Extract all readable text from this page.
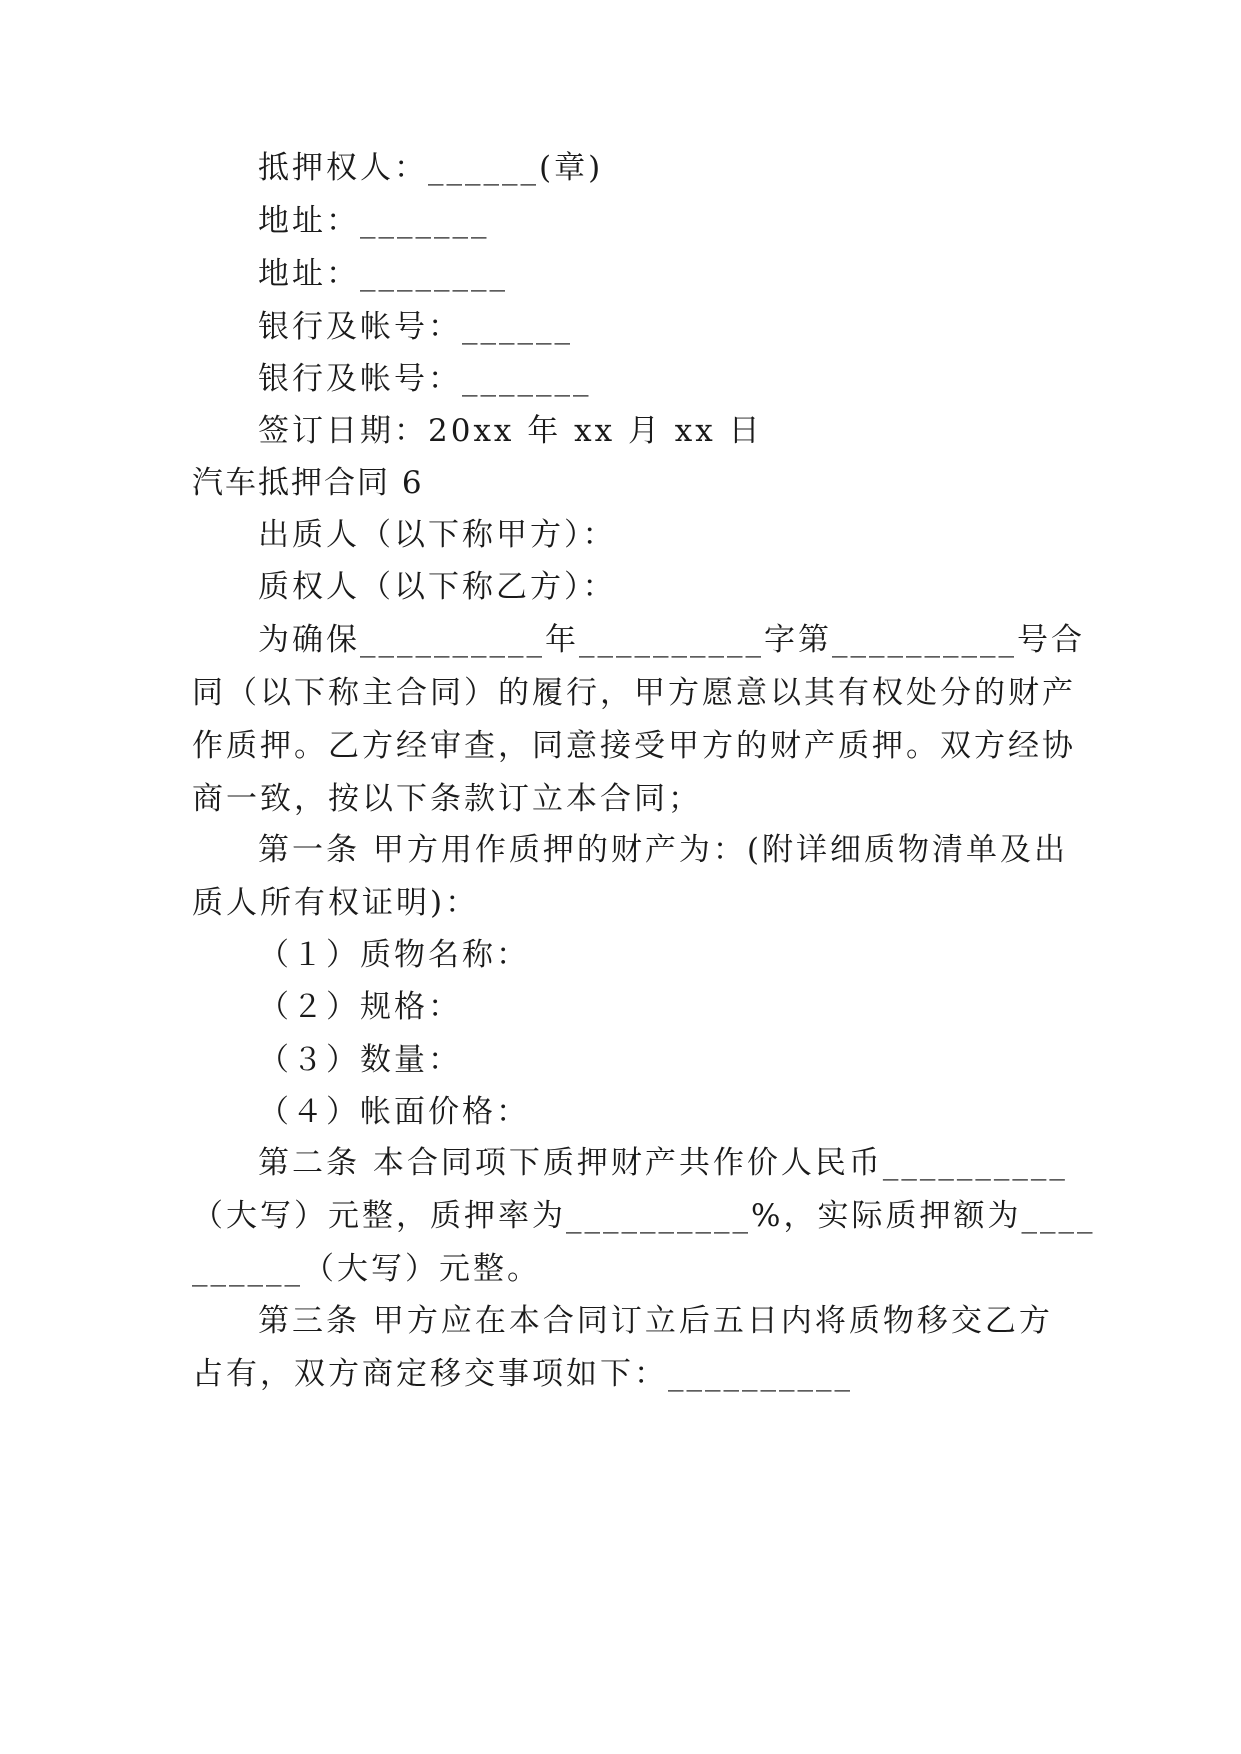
抵押权人：______(章)
地址：_______
地址：________
银行及帐号：______
银行及帐号：_______
签订日期：20xx 年 xx 月 xx 日
汽车抵押合同 6
出质人（以下称甲方）：
质权人（以下称乙方）：
为确保__________年__________字第__________号合
同（以下称主合同）的履行，甲方愿意以其有权处分的财产
作质押。乙方经审查，同意接受甲方的财产质押。双方经协
商一致，按以下条款订立本合同；
第一条 甲方用作质押的财产为：(附详细质物清单及出
质人所有权证明)：
（１）质物名称：
（２）规格：
（３）数量：
（４）帐面价格：
第二条 本合同项下质押财产共作价人民币__________
（大写）元整，质押率为__________%，实际质押额为____
______（大写）元整。
第三条 甲方应在本合同订立后五日内将质物移交乙方
占有，双方商定移交事项如下：__________
